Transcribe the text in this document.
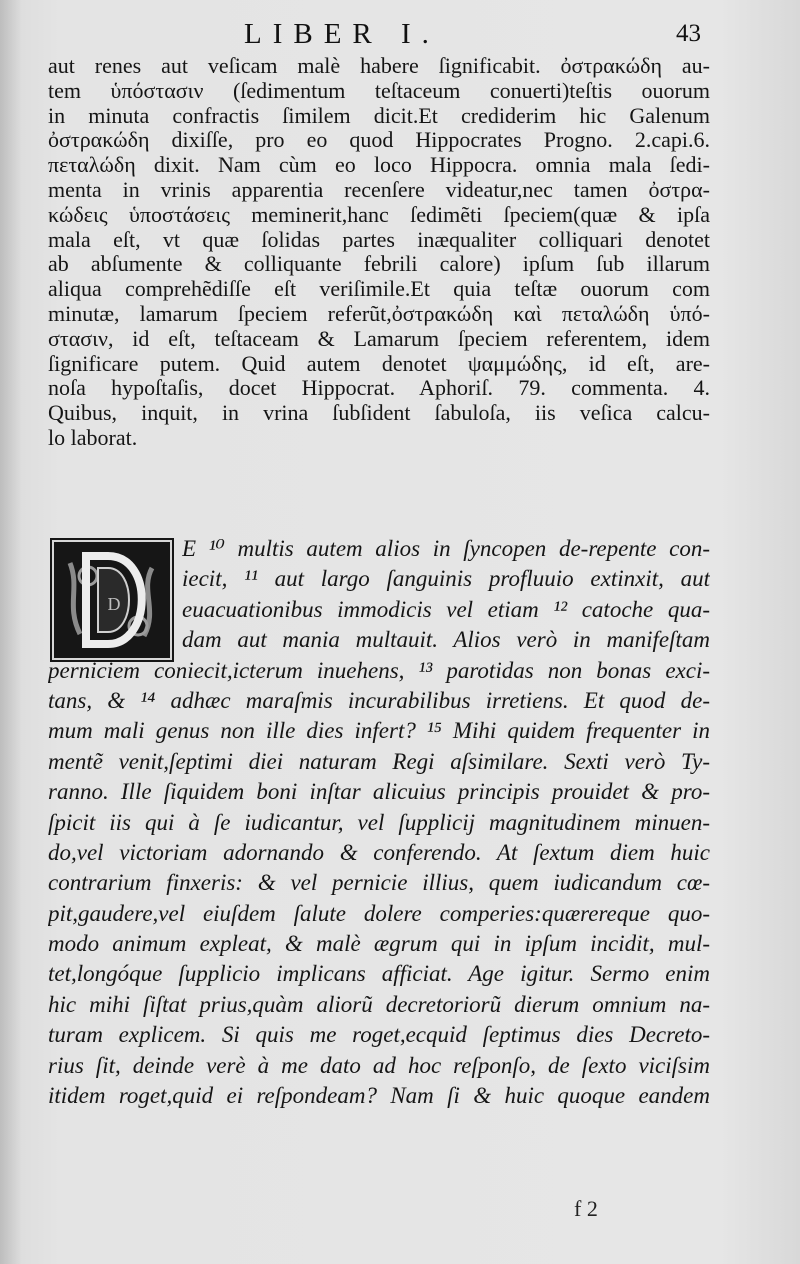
LIBER I.	43
aut renes aut veſicam malè habere ſignificabit. ὀστρακώδη au-
tem ὑπόστασιν (ſedimentum teſtaceum conuerti)teſtis ouorum
in minuta confractis ſimilem dicit.Et crediderim hic Galenum
ὀστρακώδη dixiſſe, pro eo quod Hippocrates Progno. 2.capi.6.
πεταλώδη dixit. Nam cùm eo loco Hippocra. omnia mala ſedi-
menta in vrinis apparentia recenſere videatur,nec tamen ὀστρα-
κώδεις ὑποστάσεις meminerit,hanc ſedimẽti ſpeciem(quæ & ipſa
mala eſt, vt quæ ſolidas partes inæqualiter colliquari denotet
ab abſumente & colliquante febrili calore) ipſum ſub illarum
aliqua comprehẽdiſſe eſt veriſimile.Et quia teſtæ ouorum com
minutæ, lamarum ſpeciem referũt,ὀστρακώδη καὶ πεταλώδη ὑπό-
στασιν, id eſt, teſtaceam & Lamarum ſpeciem referentem, idem
ſignificare putem. Quid autem denotet ψαμμώδης, id eſt, are-
noſa hypoſtaſis, docet Hippocrat. Aphoriſ. 79. commenta. 4.
Quibus, inquit, in vrina ſubſident ſabuloſa, iis veſica calcu-
lo laborat.
D
E ¹⁰ multis autem alios in ſyncopen de-repente con-
iecit, ¹¹ aut largo ſanguinis profluuio extinxit, aut
euacuationibus immodicis vel etiam ¹² catoche qua-
dam aut mania multauit. Alios verò in manifeſtam
perniciem coniecit,icterum inuehens, ¹³ parotidas non bonas exci-
tans, & ¹⁴ adhæc maraſmis incurabilibus irretiens. Et quod de-
mum mali genus non ille dies infert? ¹⁵ Mihi quidem frequenter in
mentẽ venit,ſeptimi diei naturam Regi aſsimilare. Sexti verò Ty-
ranno. Ille ſiquidem boni inſtar alicuius principis prouidet & pro-
ſpicit iis qui à ſe iudicantur, vel ſupplicij magnitudinem minuen-
do,vel victoriam adornando & conferendo. At ſextum diem huic
contrarium finxeris: & vel pernicie illius, quem iudicandum cœ-
pit,gaudere,vel eiuſdem ſalute dolere comperies:quærereque quo-
modo animum expleat, & malè ægrum qui in ipſum incidit, mul-
tet,longóque ſupplicio implicans afficiat. Age igitur. Sermo enim
hic mihi ſiſtat prius,quàm aliorũ decretoriorũ dierum omnium na-
turam explicem. Si quis me roget,ecquid ſeptimus dies Decreto-
rius ſit, deinde verè à me dato ad hoc reſponſo, de ſexto viciſsim
itidem roget,quid ei reſpondeam? Nam ſi & huic quoque eandem
f 2
